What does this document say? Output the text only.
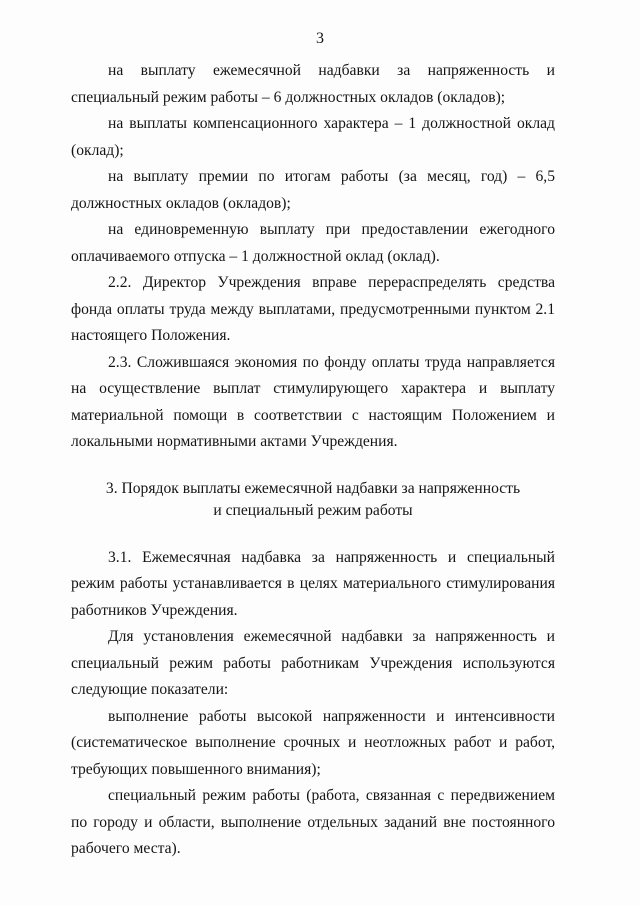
3

на выплату ежемесячной надбавки за напряженность и специальный режим работы – 6 должностных окладов (окладов);

на выплаты компенсационного характера – 1 должностной оклад (оклад);

на выплату премии по итогам работы (за месяц, год) – 6,5 должностных окладов (окладов);

на единовременную выплату при предоставлении ежегодного оплачиваемого отпуска – 1 должностной оклад (оклад).

2.2. Директор Учреждения вправе перераспределять средства фонда оплаты труда между выплатами, предусмотренными пунктом 2.1 настоящего Положения.

2.3. Сложившаяся экономия по фонду оплаты труда направляется на осуществление выплат стимулирующего характера и выплату материальной помощи в соответствии с настоящим Положением и локальными нормативными актами Учреждения.

3. Порядок выплаты ежемесячной надбавки за напряженность
и специальный режим работы

3.1. Ежемесячная надбавка за напряженность и специальный режим работы устанавливается в целях материального стимулирования работников Учреждения.

Для установления ежемесячной надбавки за напряженность и специальный режим работы работникам Учреждения используются следующие показатели:

выполнение работы высокой напряженности и интенсивности (систематическое выполнение срочных и неотложных работ и работ, требующих повышенного внимания);

специальный режим работы (работа, связанная с передвижением по городу и области, выполнение отдельных заданий вне постоянного рабочего места).
